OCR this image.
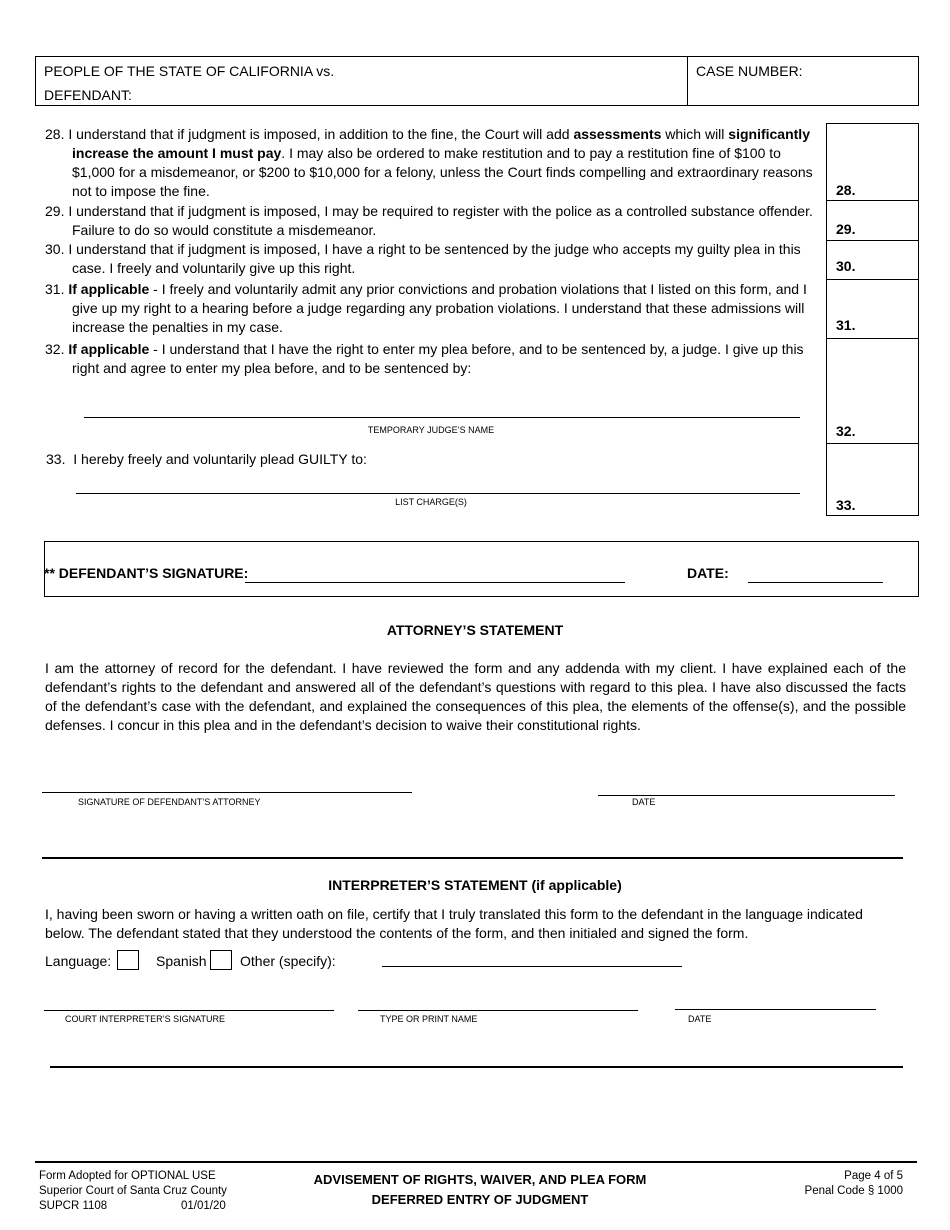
PEOPLE OF THE STATE OF CALIFORNIA vs.
DEFENDANT:
CASE NUMBER:
28. I understand that if judgment is imposed, in addition to the fine, the Court will add assessments which will significantly increase the amount I must pay. I may also be ordered to make restitution and to pay a restitution fine of $100 to $1,000 for a misdemeanor, or $200 to $10,000 for a felony, unless the Court finds compelling and extraordinary reasons not to impose the fine.
29. I understand that if judgment is imposed, I may be required to register with the police as a controlled substance offender. Failure to do so would constitute a misdemeanor.
30. I understand that if judgment is imposed, I have a right to be sentenced by the judge who accepts my guilty plea in this case. I freely and voluntarily give up this right.
31. If applicable - I freely and voluntarily admit any prior convictions and probation violations that I listed on this form, and I give up my right to a hearing before a judge regarding any probation violations. I understand that these admissions will increase the penalties in my case.
32. If applicable - I understand that I have the right to enter my plea before, and to be sentenced by, a judge. I give up this right and agree to enter my plea before, and to be sentenced by:
TEMPORARY JUDGE’S NAME
33.  I hereby freely and voluntarily plead GUILTY to:
LIST CHARGE(S)
28.
29.
30.
31.
32.
33.
** DEFENDANT’S SIGNATURE:	DATE:
ATTORNEY’S STATEMENT
I am the attorney of record for the defendant. I have reviewed the form and any addenda with my client. I have explained each of the defendant’s rights to the defendant and answered all of the defendant’s questions with regard to this plea. I have also discussed the facts of the defendant’s case with the defendant, and explained the consequences of this plea, the elements of the offense(s), and the possible defenses. I concur in this plea and in the defendant’s decision to waive their constitutional rights.
SIGNATURE OF DEFENDANT’S ATTORNEY	DATE
INTERPRETER’S STATEMENT (if applicable)
I, having been sworn or having a written oath on file, certify that I truly translated this form to the defendant in the language indicated below. The defendant stated that they understood the contents of the form, and then initialed and signed the form.
Language:	Spanish Other (specify):
COURT INTERPRETER’S SIGNATURE	TYPE OR PRINT NAME	DATE
Form Adopted for OPTIONAL USE
Superior Court of Santa Cruz County
SUPCR 1108	01/01/20
ADVISEMENT OF RIGHTS, WAIVER, AND PLEA FORM
DEFERRED ENTRY OF JUDGMENT
Page 4 of 5
Penal Code § 1000
